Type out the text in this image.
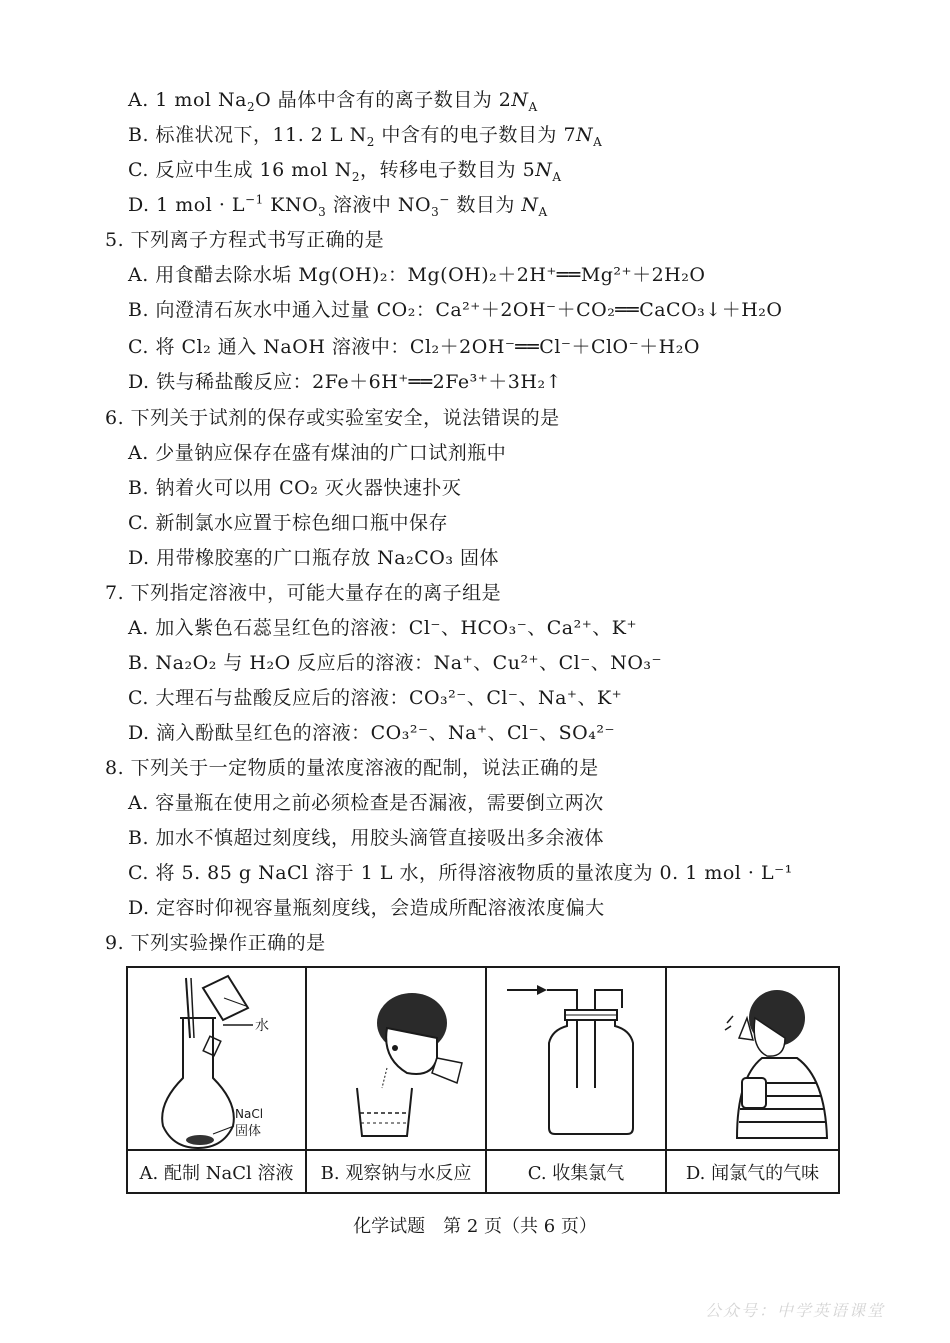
A. 1 mol $Na_2O$ 晶体中含有的离子数目为 $2N_A$
B. 标准状况下，11. 2 L $N_2$ 中含有的电子数目为 $7N_A$
C. 反应中生成 16 mol $N_2$，转移电子数目为 $5N_A$
D. 1 mol · $L^{-1}$ $KNO_3$ 溶液中 $NO_3^-$ 数目为 $N_A$
5. 下列离子方程式书写正确的是
A. 用食醋去除水垢 Mg(OH)₂：Mg(OH)₂＋2H⁺══Mg²⁺＋2H₂O
B. 向澄清石灰水中通入过量 CO₂：Ca²⁺＋2OH⁻＋CO₂══CaCO₃↓＋H₂O
C. 将 Cl₂ 通入 NaOH 溶液中：Cl₂＋2OH⁻══Cl⁻＋ClO⁻＋H₂O
D. 铁与稀盐酸反应：2Fe＋6H⁺══2Fe³⁺＋3H₂↑
6. 下列关于试剂的保存或实验室安全，说法错误的是
A. 少量钠应保存在盛有煤油的广口试剂瓶中
B. 钠着火可以用 CO₂ 灭火器快速扑灭
C. 新制氯水应置于棕色细口瓶中保存
D. 用带橡胶塞的广口瓶存放 Na₂CO₃ 固体
7. 下列指定溶液中，可能大量存在的离子组是
A. 加入紫色石蕊呈红色的溶液：Cl⁻、HCO₃⁻、Ca²⁺、K⁺
B. Na₂O₂ 与 H₂O 反应后的溶液：Na⁺、Cu²⁺、Cl⁻、NO₃⁻
C. 大理石与盐酸反应后的溶液：CO₃²⁻、Cl⁻、Na⁺、K⁺
D. 滴入酚酞呈红色的溶液：CO₃²⁻、Na⁺、Cl⁻、SO₄²⁻
8. 下列关于一定物质的量浓度溶液的配制，说法正确的是
A. 容量瓶在使用之前必须检查是否漏液，需要倒立两次
B. 加水不慎超过刻度线，用胶头滴管直接吸出多余液体
C. 将 5. 85 g NaCl 溶于 1 L 水，所得溶液物质的量浓度为 0. 1 mol · L⁻¹
D. 定容时仰视容量瓶刻度线，会造成所配溶液浓度偏大
9. 下列实验操作正确的是
水
NaCl
固体
A. 配制 NaCl 溶液	B. 观察钠与水反应	C. 收集氯气	D. 闻氯气的气味
化学试题　第 2 页（共 6 页）
公众号：中学英语课堂
